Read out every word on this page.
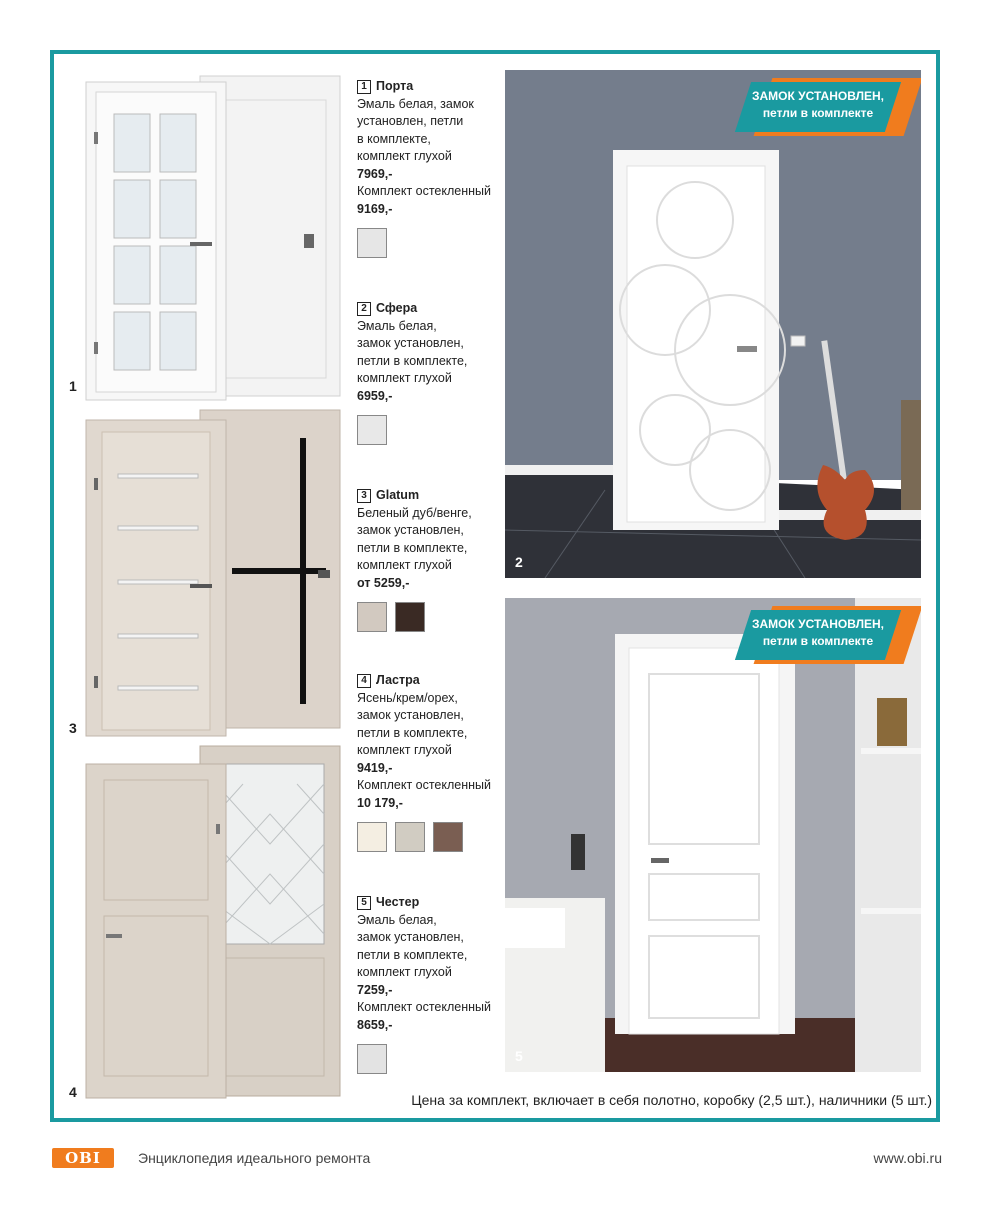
1
3
4
1 Порта
Эмаль белая, замок
установлен, петли
в комплекте,
комплект глухой
7969,-
Комплект остекленный
9169,-
2 Сфера
Эмаль белая,
замок установлен,
петли в комплекте,
комплект глухой
6959,-
3 Glatum
Беленый дуб/венге,
замок установлен,
петли в комплекте,
комплект глухой
от 5259,-
4 Ластра
Ясень/крем/орех,
замок установлен,
петли в комплекте,
комплект глухой
9419,-
Комплект остекленный
10 179,-
5 Честер
Эмаль белая,
замок установлен,
петли в комплекте,
комплект глухой
7259,-
Комплект остекленный
8659,-
ЗАМОК УСТАНОВЛЕН,
петли в комплекте
2
ЗАМОК УСТАНОВЛЕН,
петли в комплекте
5
Цена за комплект, включает в себя полотно, коробку (2,5 шт.), наличники (5 шт.)
OBI	Энциклопедия идеального ремонта	www.obi.ru
